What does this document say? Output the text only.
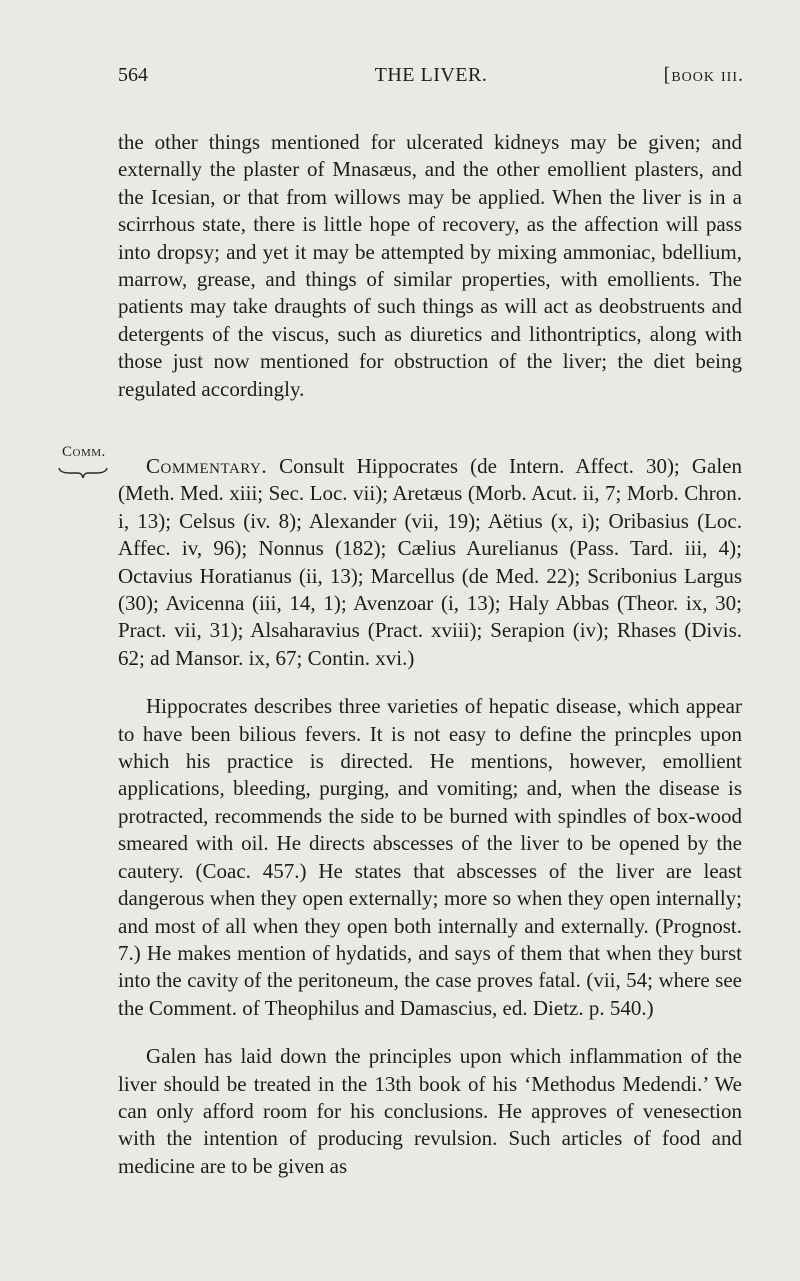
564	THE LIVER.	[book iii.

the other things mentioned for ulcerated kidneys may be given; and externally the plaster of Mnasæus, and the other emollient plasters, and the Icesian, or that from willows may be applied. When the liver is in a scirrhous state, there is little hope of recovery, as the affection will pass into dropsy; and yet it may be attempted by mixing ammoniac, bdellium, marrow, grease, and things of similar properties, with emollients. The patients may take draughts of such things as will act as deobstruents and detergents of the viscus, such as diuretics and lithontriptics, along with those just now mentioned for obstruction of the liver; the diet being regulated accordingly.

Comm.

Commentary. Consult Hippocrates (de Intern. Affect. 30); Galen (Meth. Med. xiii; Sec. Loc. vii); Aretæus (Morb. Acut. ii, 7; Morb. Chron. i, 13); Celsus (iv. 8); Alexander (vii, 19); Aëtius (x, i); Oribasius (Loc. Affec. iv, 96); Nonnus (182); Cælius Aurelianus (Pass. Tard. iii, 4); Octavius Horatianus (ii, 13); Marcellus (de Med. 22); Scribonius Largus (30); Avicenna (iii, 14, 1); Avenzoar (i, 13); Haly Abbas (Theor. ix, 30; Pract. vii, 31); Alsaharavius (Pract. xviii); Serapion (iv); Rhases (Divis. 62; ad Mansor. ix, 67; Contin. xvi.)

Hippocrates describes three varieties of hepatic disease, which appear to have been bilious fevers. It is not easy to define the princples upon which his practice is directed. He mentions, however, emollient applications, bleeding, purging, and vomiting; and, when the disease is protracted, recommends the side to be burned with spindles of box-wood smeared with oil. He directs abscesses of the liver to be opened by the cautery. (Coac. 457.) He states that abscesses of the liver are least dangerous when they open externally; more so when they open internally; and most of all when they open both internally and externally. (Prognost. 7.) He makes mention of hydatids, and says of them that when they burst into the cavity of the peritoneum, the case proves fatal. (vii, 54; where see the Comment. of Theophilus and Damascius, ed. Dietz. p. 540.)

Galen has laid down the principles upon which inflammation of the liver should be treated in the 13th book of his ‘Methodus Medendi.’ We can only afford room for his conclusions. He approves of venesection with the intention of producing revulsion. Such articles of food and medicine are to be given as
